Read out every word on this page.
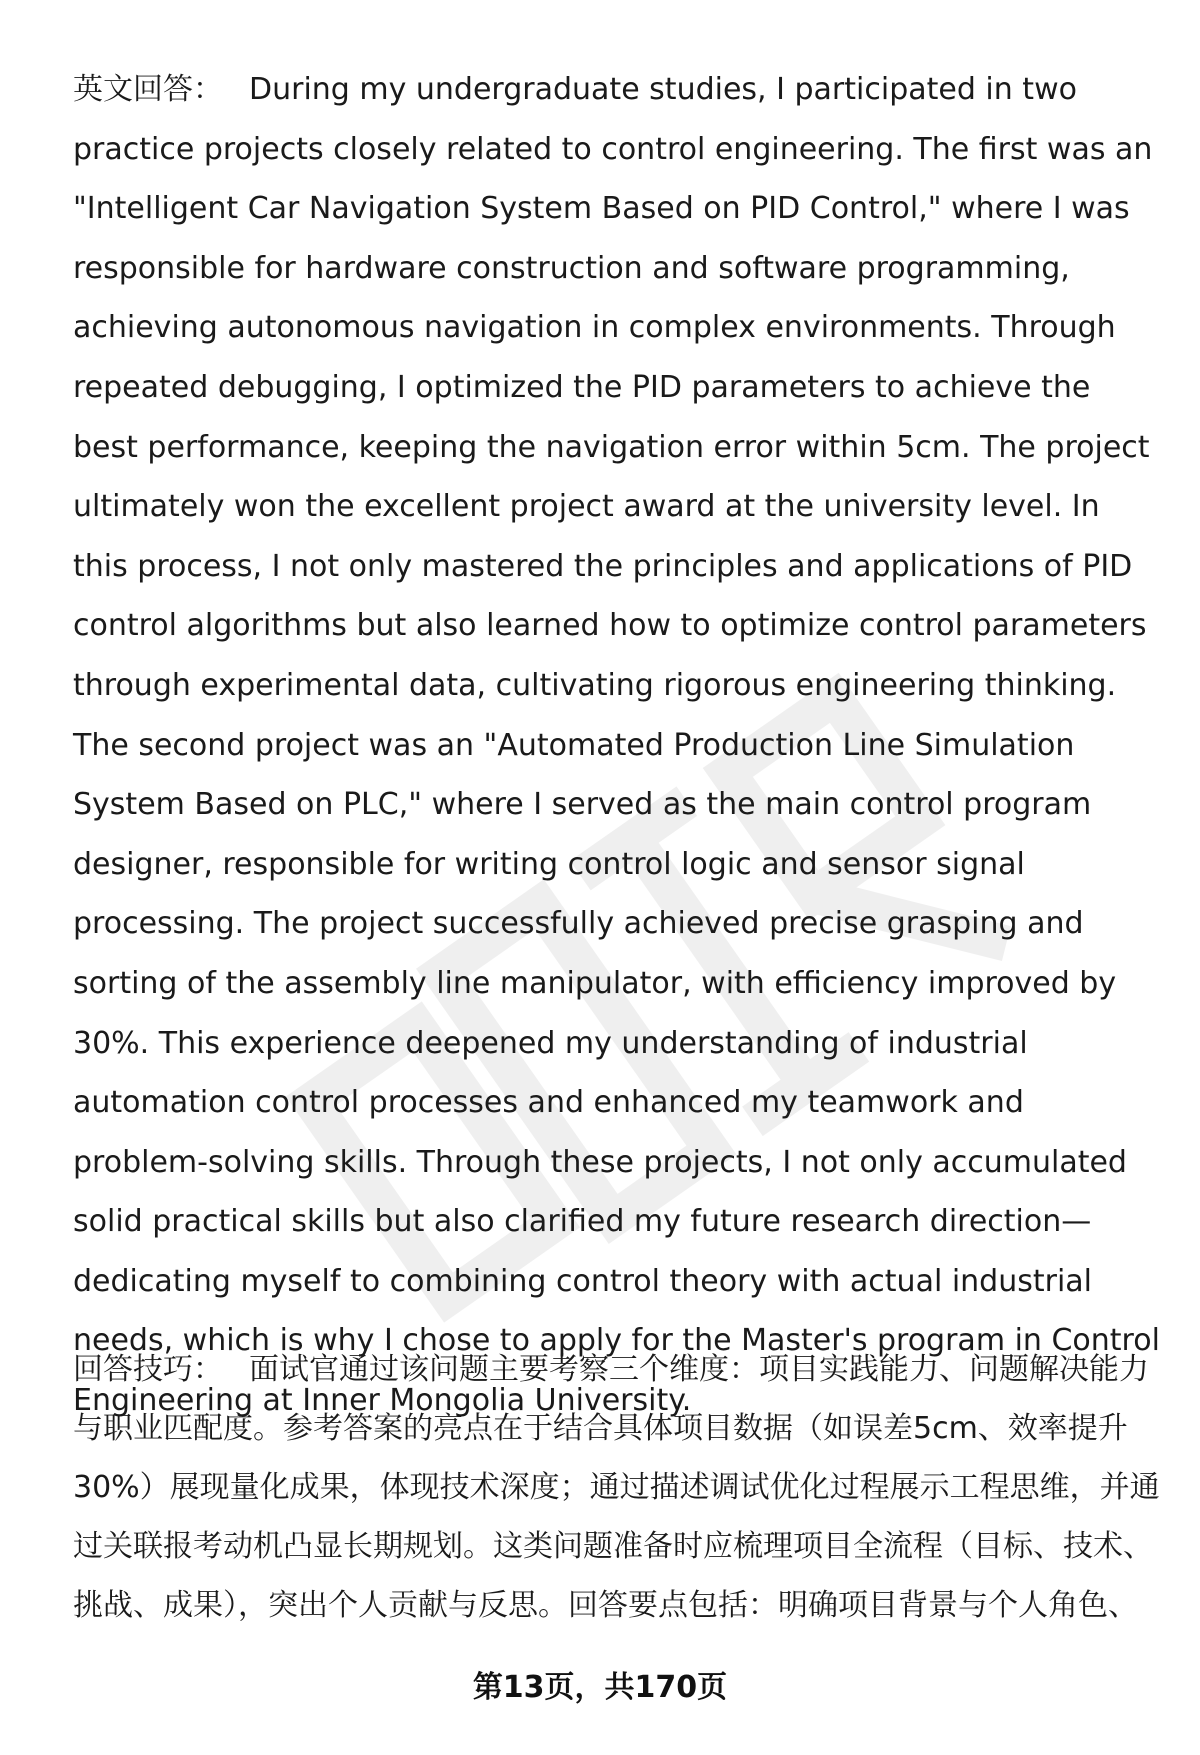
英文回答： During my undergraduate studies, I participated in two practice projects closely related to control engineering. The first was an "Intelligent Car Navigation System Based on PID Control," where I was responsible for hardware construction and software programming, achieving autonomous navigation in complex environments. Through repeated debugging, I optimized the PID parameters to achieve the best performance, keeping the navigation error within 5cm. The project ultimately won the excellent project award at the university level. In this process, I not only mastered the principles and applications of PID control algorithms but also learned how to optimize control parameters through experimental data, cultivating rigorous engineering thinking. The second project was an "Automated Production Line Simulation System Based on PLC," where I served as the main control program designer, responsible for writing control logic and sensor signal processing. The project successfully achieved precise grasping and sorting of the assembly line manipulator, with efficiency improved by 30%. This experience deepened my understanding of industrial automation control processes and enhanced my teamwork and problem-solving skills. Through these projects, I not only accumulated solid practical skills but also clarified my future research direction—dedicating myself to combining control theory with actual industrial needs, which is why I chose to apply for the Master's program in Control Engineering at Inner Mongolia University.

回答技巧： 面试官通过该问题主要考察三个维度：项目实践能力、问题解决能力与职业匹配度。参考答案的亮点在于结合具体项目数据（如误差5cm、效率提升30%）展现量化成果，体现技术深度；通过描述调试优化过程展示工程思维，并通过关联报考动机凸显长期规划。这类问题准备时应梳理项目全流程（目标、技术、挑战、成果），突出个人贡献与反思。回答要点包括：明确项目背景与个人角色、

第13页，共170页
